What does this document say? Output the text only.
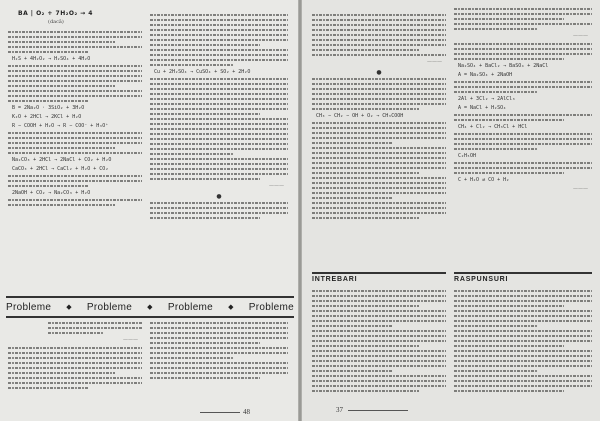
BA | O₂ + 7H₂O₂ → 4
(dacă)
H₂S + 4H₂O₂ → H₂SO₄ + 4H₂O
B = 2Na₂O · 3SiO₂ + 3H₂O
K₂O + 2HCl → 2KCl + H₂O
R − COOH + H₂O → R − COO⁻ + H₃O⁺
Na₂CO₃ + 2HCl → 2NaCl + CO₂ + H₂O
CaCO₃ + 2HCl → CaCl₂ + H₂O + CO₂
2NaOH + CO₂ → Na₂CO₃ + H₂O
Cu + 2H₂SO₄ → CuSO₄ + SO₂ + 2H₂O
———
●
Probleme ◆ Probleme ◆ Probleme ◆ Probleme
———
48
———
●
CH₃ − CH₂ − OH + O₂ → CH₃COOH
———
Na₂SO₄ + BaCl₂ → BaSO₄ + 2NaCl
A = Na₂SO₄ + 2NaOH
2Al + 3Cl₂ → 2AlCl₃
A = NaCl + H₂SO₄
CH₄ + Cl₂ → CH₃Cl + HCl
C₂H₅OH
C + H₂O ⇄ CO + H₂
———
INTREBARI	RASPUNSURI
37
